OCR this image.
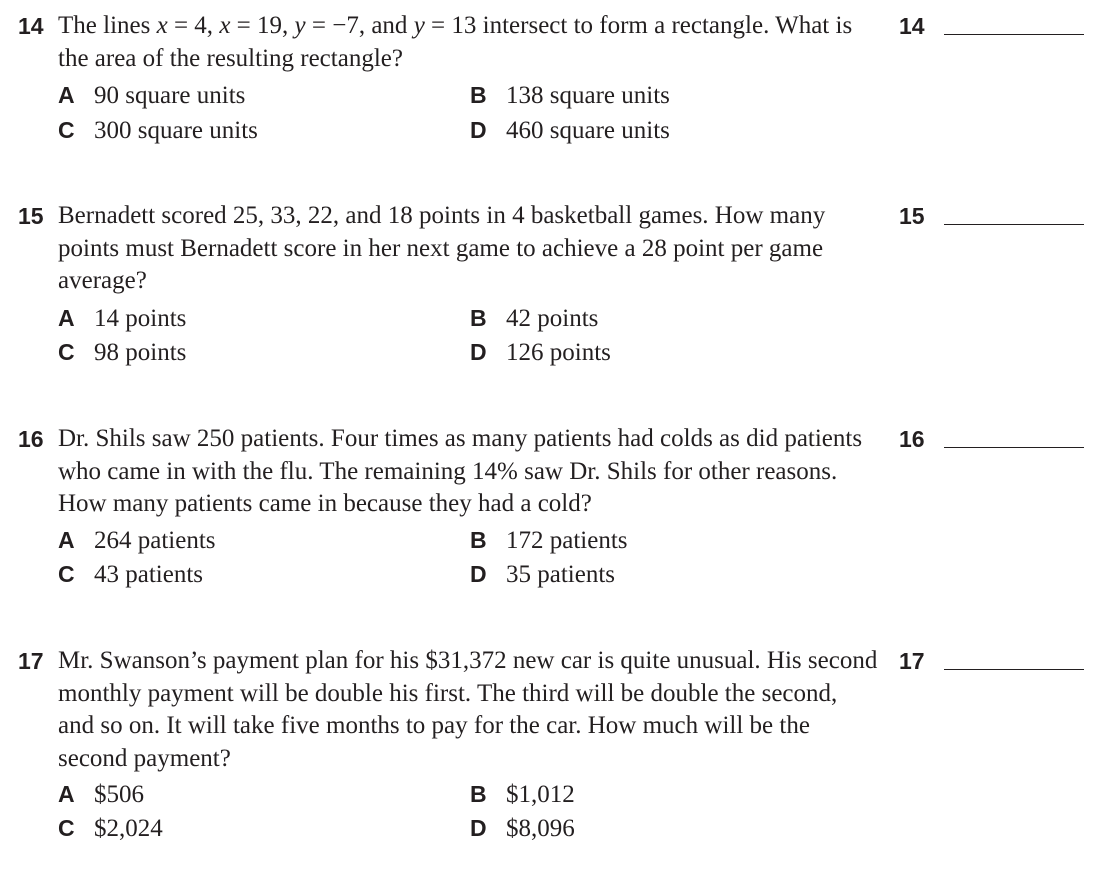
14 The lines x = 4, x = 19, y = −7, and y = 13 intersect to form a rectangle. What is the area of the resulting rectangle?
A 90 square units	B 138 square units
C 300 square units	D 460 square units
14
15 Bernadett scored 25, 33, 22, and 18 points in 4 basketball games. How many points must Bernadett score in her next game to achieve a 28 point per game average?
A 14 points	B 42 points
C 98 points	D 126 points
15
16 Dr. Shils saw 250 patients. Four times as many patients had colds as did patients who came in with the flu. The remaining 14% saw Dr. Shils for other reasons. How many patients came in because they had a cold?
A 264 patients	B 172 patients
C 43 patients	D 35 patients
16
17 Mr. Swanson’s payment plan for his $31,372 new car is quite unusual. His second monthly payment will be double his first. The third will be double the second, and so on. It will take five months to pay for the car. How much will be the second payment?
A $506	B $1,012
C $2,024	D $8,096
17
